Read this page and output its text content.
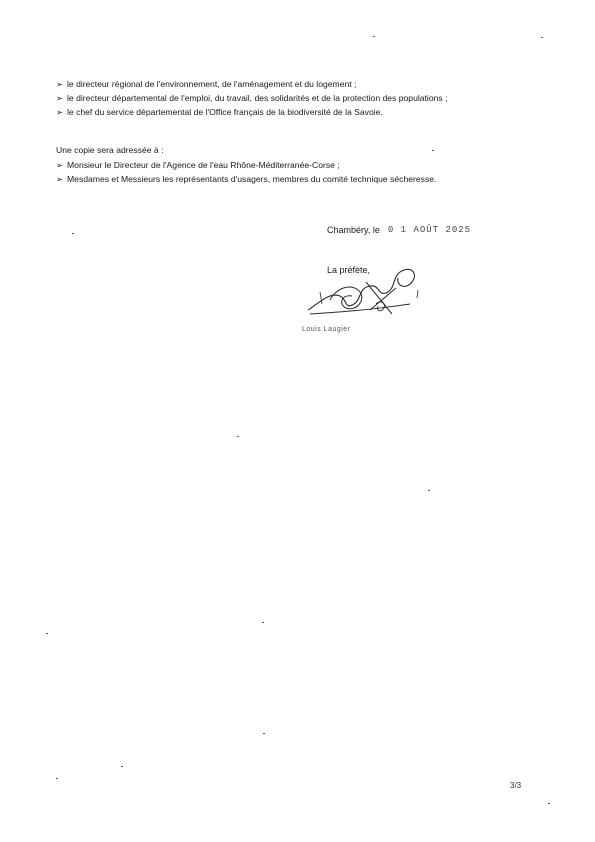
➢ le directeur régional de l'environnement, de l'aménagement et du logement ;
➢ le directeur départemental de l'emploi, du travail, des solidarités et de la protection des populations ;
➢ le chef du service départemental de l'Office français de la biodiversité de la Savoie.
Une copie sera adressée à :
➢ Monsieur le Directeur de l'Agence de l'eau Rhône-Méditerranée-Corse ;
➢ Mesdames et Messieurs les représentants d'usagers, membres du comité technique sécheresse.
Chambéry, le 0 1 AOÛT 2025
La préfète,
Louis Laugier
3/3
